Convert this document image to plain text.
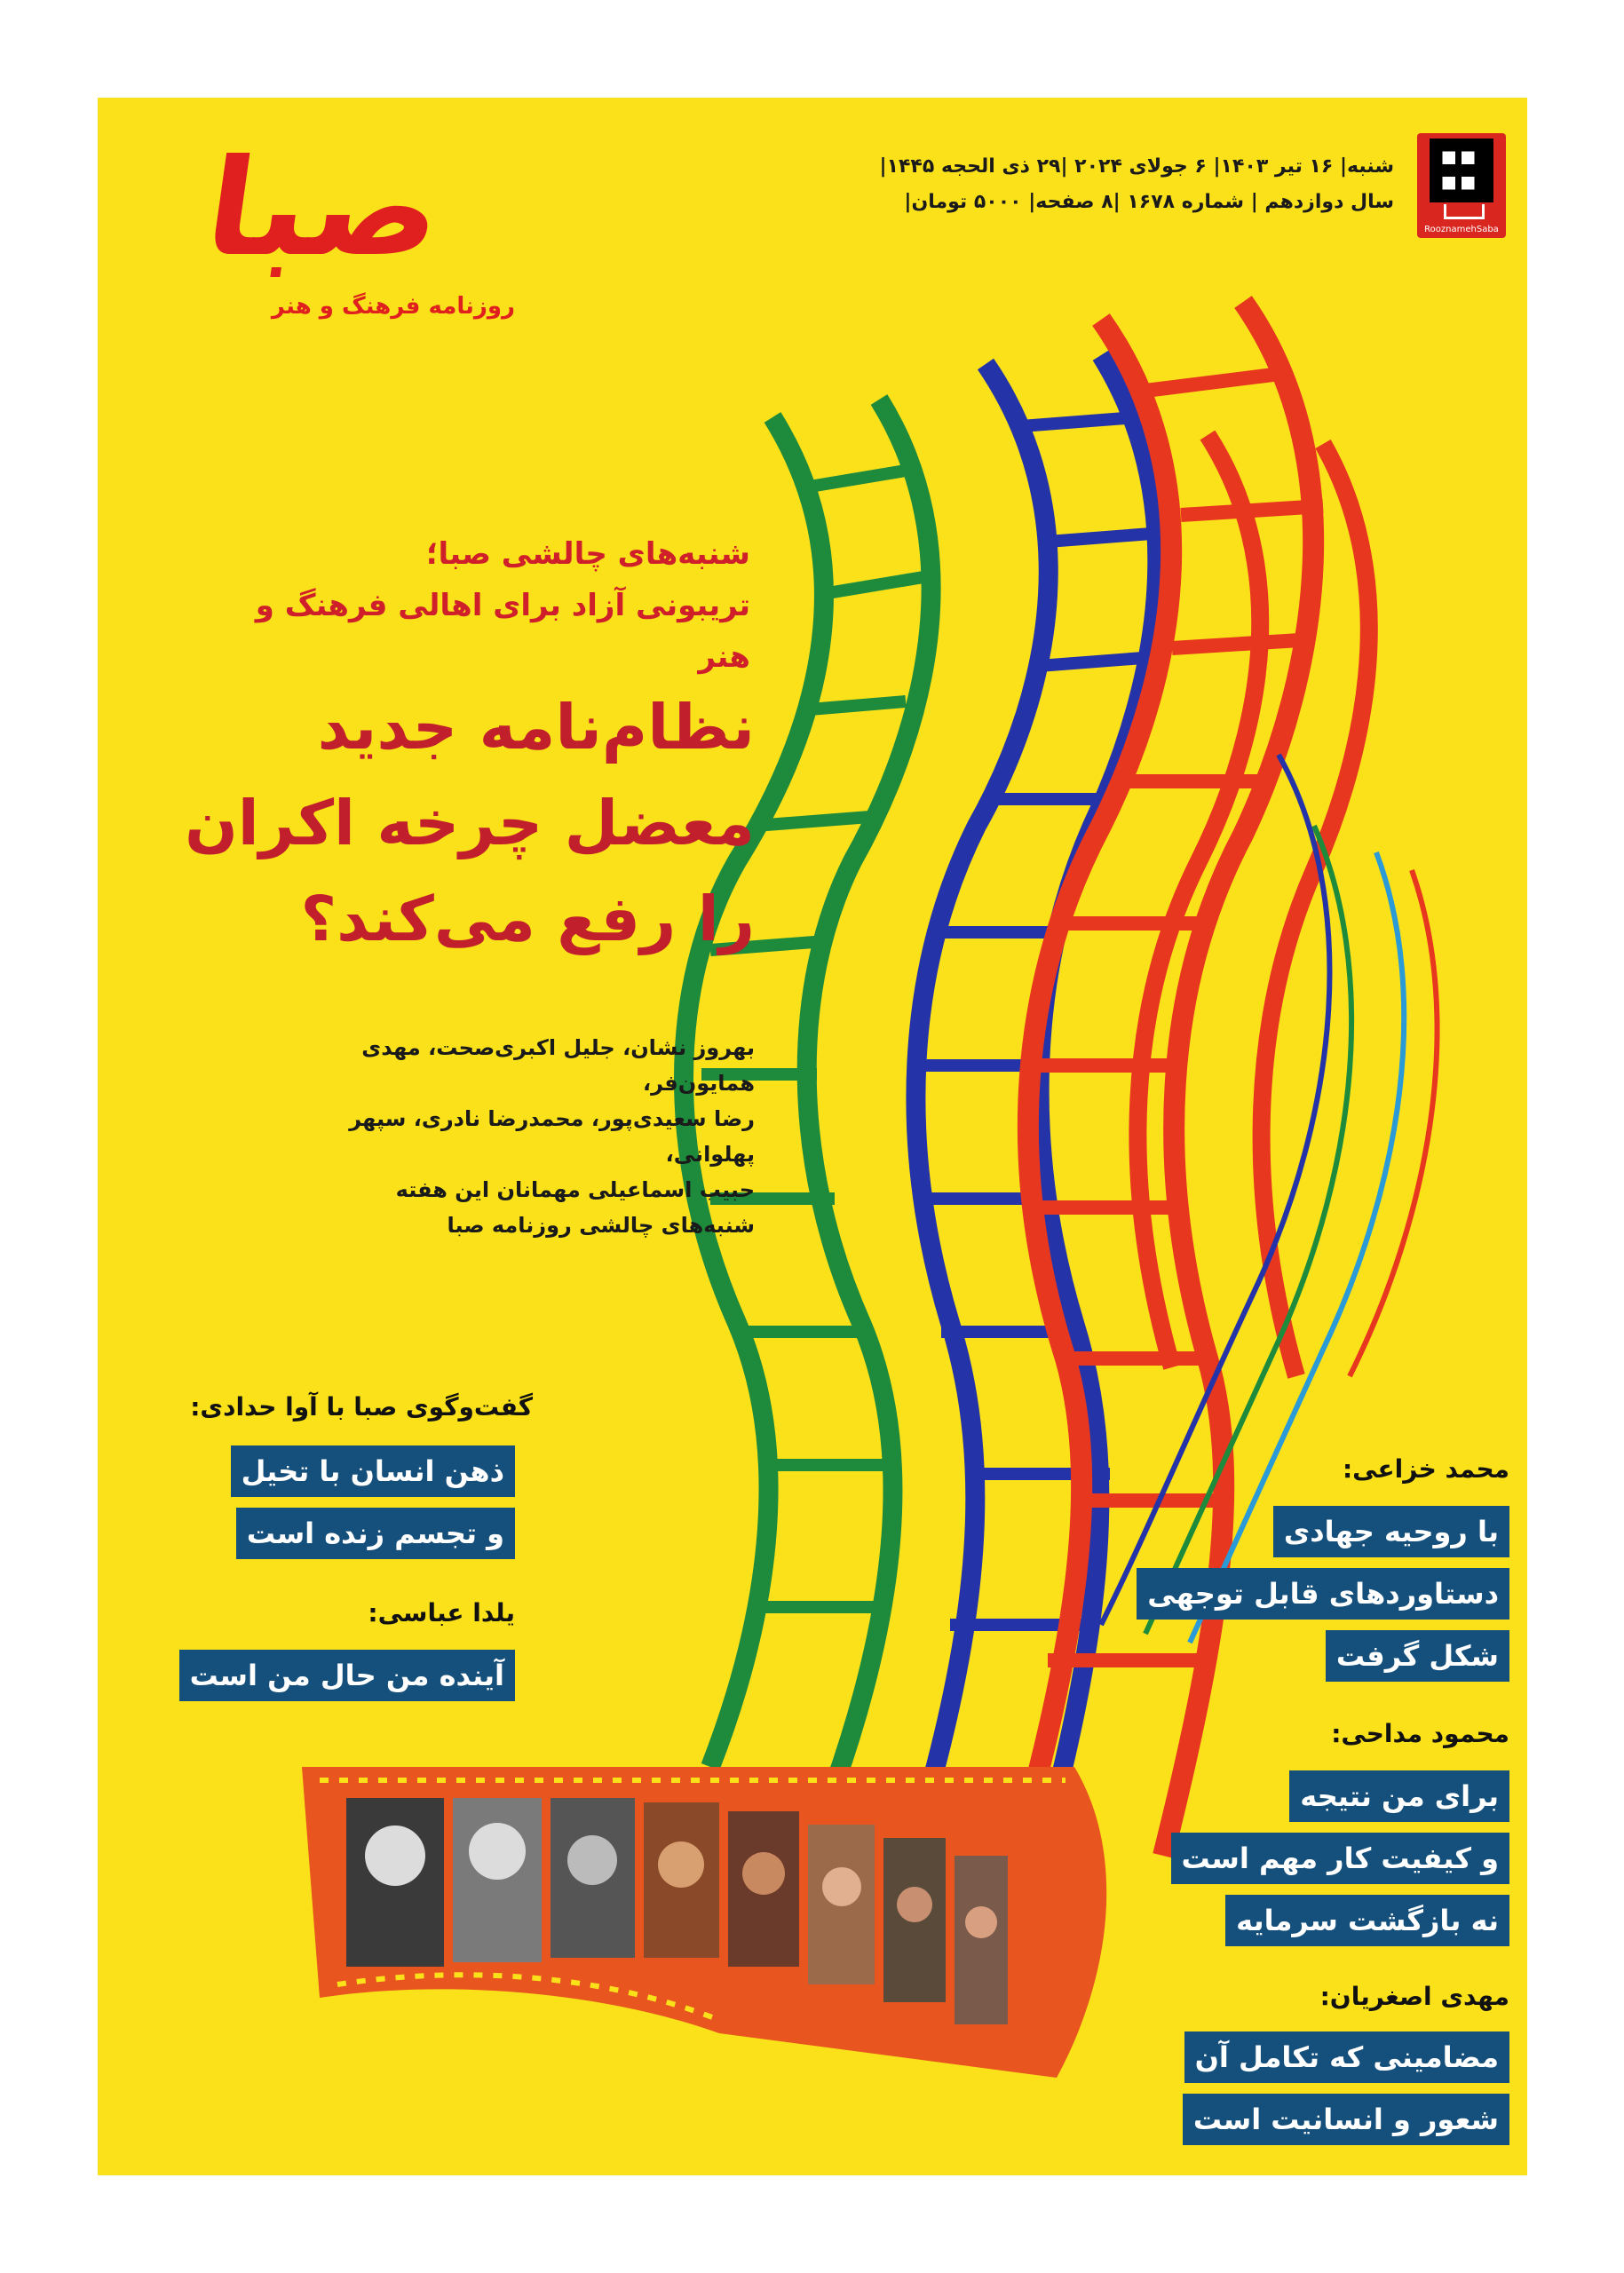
صبا
روزنامه فرهنگ و هنر
شنبه| ۱۶ تیر ۱۴۰۳| ۶ جولای ۲۰۲۴ |۲۹ ذی الحجه ۱۴۴۵|
سال دوازدهم | شماره ۱۶۷۸ |۸ صفحه| ۵۰۰۰ تومان|
RooznamehSaba
شنبه‌های چالشی صبا؛
تریبونی آزاد برای اهالی فرهنگ و هنر
نظام‌نامه جدید
معضل چرخه اکران
را رفع می‌کند؟
بهروز نشان، جلیل اکبری‌صحت، مهدی همایون‌فر،
رضا سعیدی‌پور، محمدرضا نادری، سپهر پهلوانی،
حبیب اسماعیلی مهمانان این هفته
شنبه‌های چالشی روزنامه صبا
گفت‌وگوی صبا با آوا حدادی:
ذهن انسان با تخیل
و تجسم زنده است
یلدا عباسی:
آینده من حال من است
محمد خزاعی:
با روحیه جهادی
دستاوردهای قابل توجهی
شکل گرفت
محمود مداحی:
برای من نتیجه
و کیفیت کار مهم است
نه بازگشت سرمایه
مهدی اصغریان:
مضامینی که تکامل آن
شعور و انسانیت است
